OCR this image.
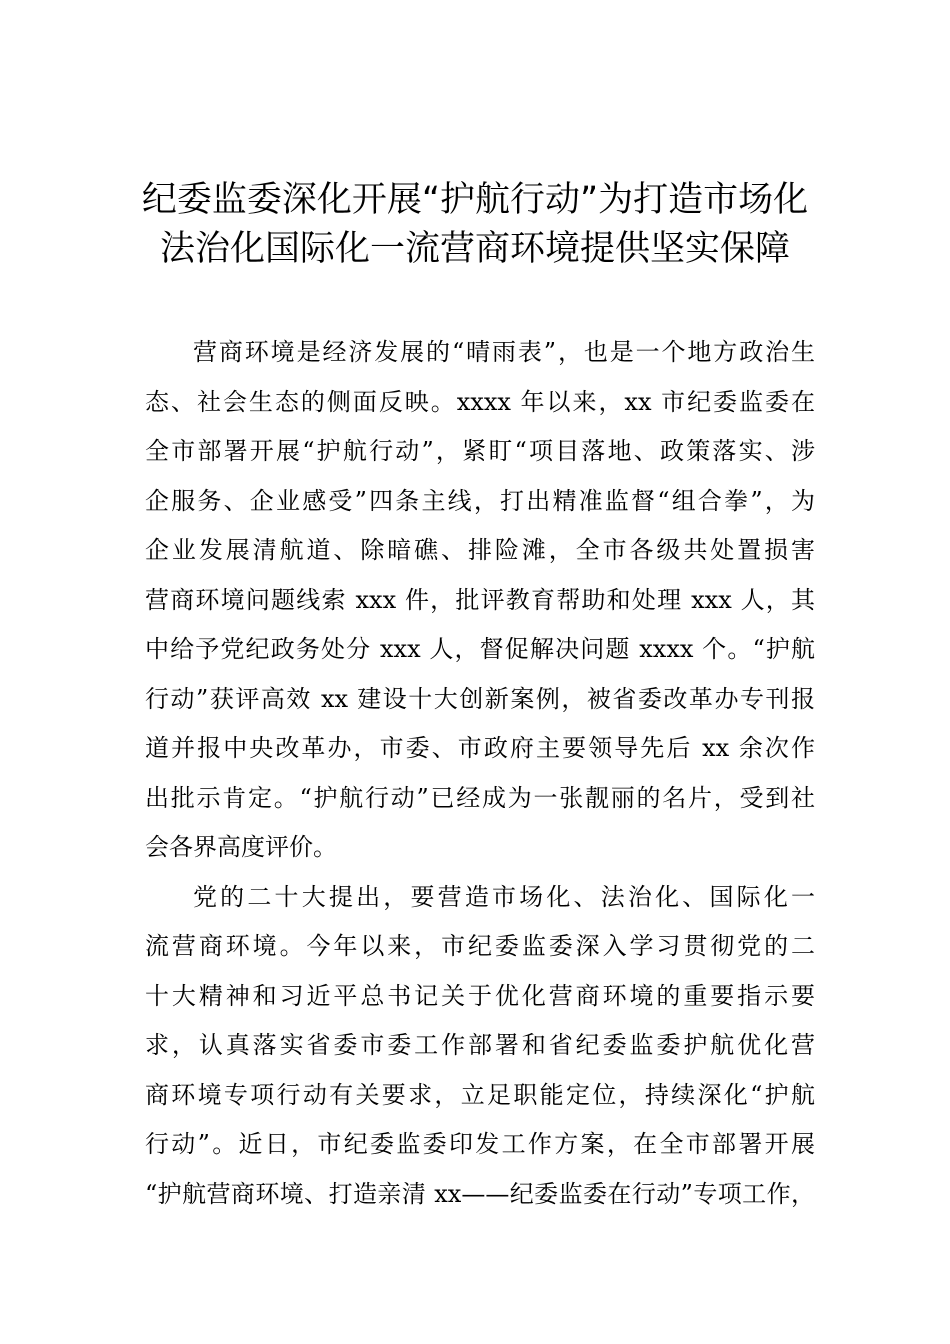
纪委监委深化开展“护航行动”为打造市场化
法治化国际化一流营商环境提供坚实保障

营商环境是经济发展的“晴雨表”，也是一个地方政治生
态、社会生态的侧面反映。xxxx 年以来，xx 市纪委监委在
全市部署开展“护航行动”，紧盯“项目落地、政策落实、涉
企服务、企业感受”四条主线，打出精准监督“组合拳”，为
企业发展清航道、除暗礁、排险滩，全市各级共处置损害
营商环境问题线索 xxx 件，批评教育帮助和处理 xxx 人，其
中给予党纪政务处分 xxx 人，督促解决问题 xxxx 个。“护航
行动”获评高效 xx 建设十大创新案例，被省委改革办专刊报
道并报中央改革办，市委、市政府主要领导先后 xx 余次作
出批示肯定。“护航行动”已经成为一张靓丽的名片，受到社
会各界高度评价。

党的二十大提出，要营造市场化、法治化、国际化一
流营商环境。今年以来，市纪委监委深入学习贯彻党的二
十大精神和习近平总书记关于优化营商环境的重要指示要
求，认真落实省委市委工作部署和省纪委监委护航优化营
商环境专项行动有关要求，立足职能定位，持续深化“护航
行动”。近日，市纪委监委印发工作方案，在全市部署开展
“护航营商环境、打造亲清 xx——纪委监委在行动”专项工作，
